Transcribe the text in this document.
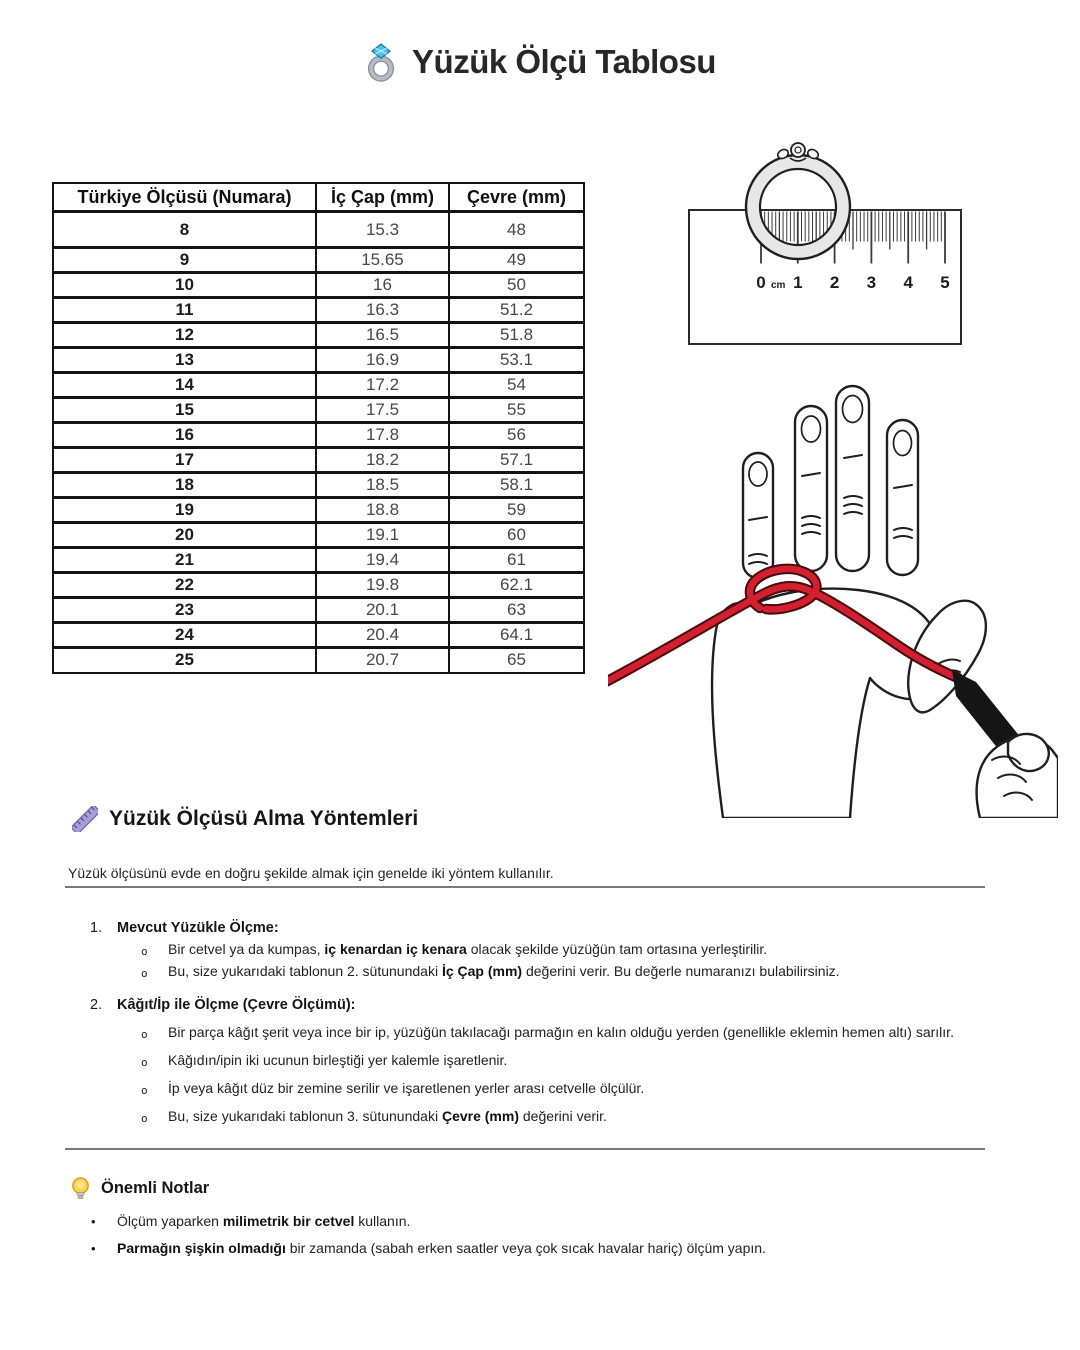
Yüzük Ölçü Tablosu
Türkiye Ölçüsü (Numara)	İç Çap (mm)	Çevre (mm)
8	15.3	48
9	15.65	49
10	16	50
11	16.3	51.2
12	16.5	51.8
13	16.9	53.1
14	17.2	54
15	17.5	55
16	17.8	56
17	18.2	57.1
18	18.5	58.1
19	18.8	59
20	19.1	60
21	19.4	61
22	19.8	62.1
23	20.1	63
24	20.4	64.1
25	20.7	65
0 cm 1 2 3 4 5
Yüzük Ölçüsü Alma Yöntemleri

Yüzük ölçüsünü evde en doğru şekilde almak için genelde iki yöntem kullanılır.

1. Mevcut Yüzükle Ölçme:
o Bir cetvel ya da kumpas, iç kenardan iç kenara olacak şekilde yüzüğün tam ortasına yerleştirilir.
o Bu, size yukarıdaki tablonun 2. sütunundaki İç Çap (mm) değerini verir. Bu değerle numaranızı bulabilirsiniz.
2. Kâğıt/İp ile Ölçme (Çevre Ölçümü):
o Bir parça kâğıt şerit veya ince bir ip, yüzüğün takılacağı parmağın en kalın olduğu yerden (genellikle eklemin hemen altı) sarılır.
o Kâğıdın/ipin iki ucunun birleştiği yer kalemle işaretlenir.
o İp veya kâğıt düz bir zemine serilir ve işaretlenen yerler arası cetvelle ölçülür.
o Bu, size yukarıdaki tablonun 3. sütunundaki Çevre (mm) değerini verir.
Önemli Notlar
• Ölçüm yaparken milimetrik bir cetvel kullanın.
• Parmağın şişkin olmadığı bir zamanda (sabah erken saatler veya çok sıcak havalar hariç) ölçüm yapın.
